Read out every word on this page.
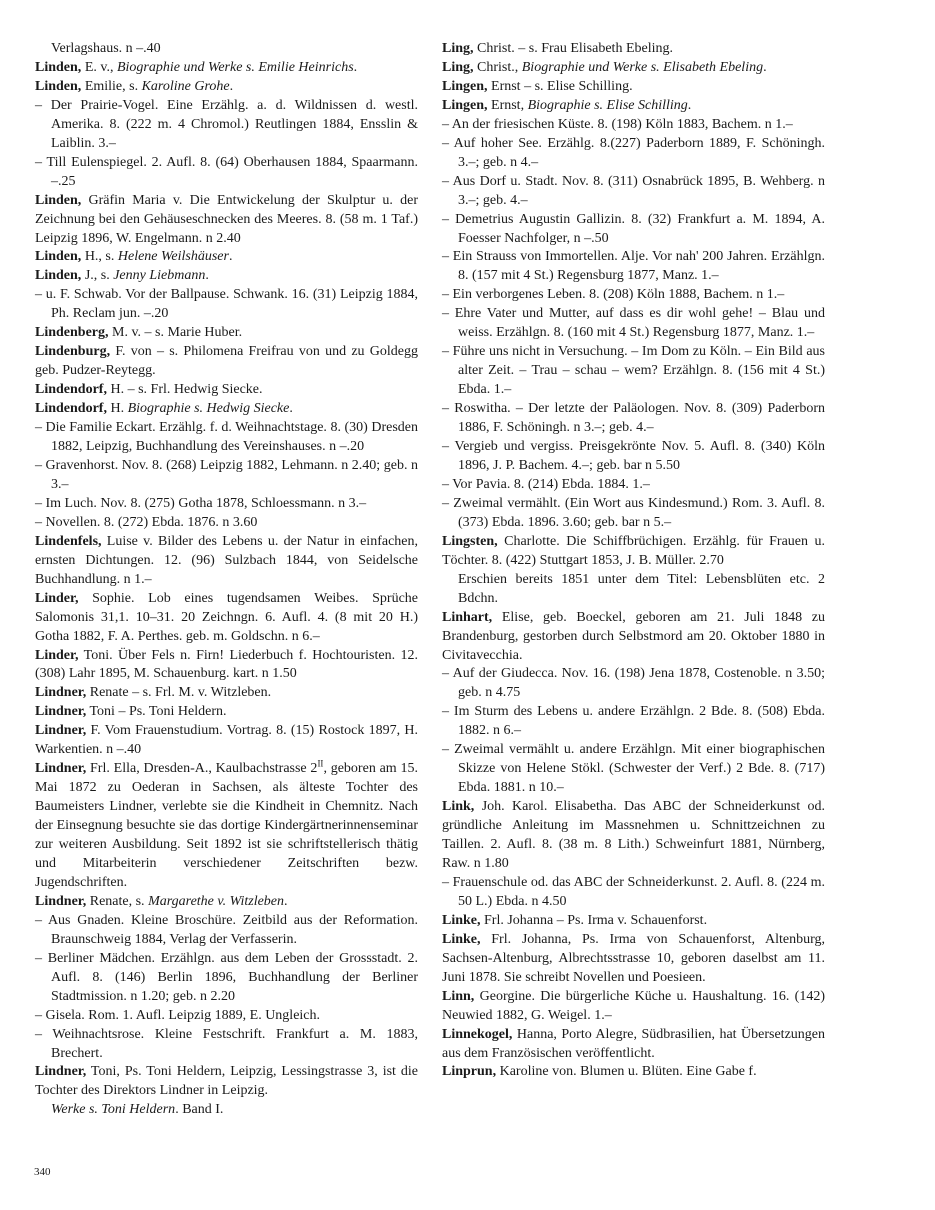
Verlagshaus. n –.40
Linden, E. v., Biographie und Werke s. Emilie Heinrichs.
Linden, Emilie, s. Karoline Grohe.
– Der Prairie-Vogel. Eine Erzählg. a. d. Wildnissen d. westl. Amerika. 8. (222 m. 4 Chromol.) Reutlingen 1884, Ensslin & Laiblin. 3.–
– Till Eulenspiegel. 2. Aufl. 8. (64) Oberhausen 1884, Spaarmann. –.25
Linden, Gräfin Maria v. Die Entwickelung der Skulptur u. der Zeichnung bei den Gehäuseschnecken des Meeres. 8. (58 m. 1 Taf.) Leipzig 1896, W. Engelmann. n 2.40
Linden, H., s. Helene Weilshäuser.
Linden, J., s. Jenny Liebmann.
– u. F. Schwab. Vor der Ballpause. Schwank. 16. (31) Leipzig 1884, Ph. Reclam jun. –.20
Lindenberg, M. v. – s. Marie Huber.
Lindenburg, F. von – s. Philomena Freifrau von und zu Goldegg geb. Pudzer-Reytegg.
Lindendorf, H. – s. Frl. Hedwig Siecke.
Lindendorf, H. Biographie s. Hedwig Siecke.
– Die Familie Eckart. Erzählg. f. d. Weihnachtstage. 8. (30) Dresden 1882, Leipzig, Buchhandlung des Vereinshauses. n –.20
– Gravenhorst. Nov. 8. (268) Leipzig 1882, Lehmann. n 2.40; geb. n 3.–
– Im Luch. Nov. 8. (275) Gotha 1878, Schloessmann. n 3.–
– Novellen. 8. (272) Ebda. 1876. n 3.60
Lindenfels, Luise v. Bilder des Lebens u. der Natur in einfachen, ernsten Dichtungen. 12. (96) Sulzbach 1844, von Seidelsche Buchhandlung. n 1.–
Linder, Sophie. Lob eines tugendsamen Weibes. Sprüche Salomonis 31,1. 10–31. 20 Zeichngn. 6. Aufl. 4. (8 mit 20 H.) Gotha 1882, F. A. Perthes. geb. m. Goldschn. n 6.–
Linder, Toni. Über Fels n. Firn! Liederbuch f. Hochtouristen. 12. (308) Lahr 1895, M. Schauenburg. kart. n 1.50
Lindner, Renate – s. Frl. M. v. Witzleben.
Lindner, Toni – Ps. Toni Heldern.
Lindner, F. Vom Frauenstudium. Vortrag. 8. (15) Rostock 1897, H. Warkentien. n –.40
Lindner, Frl. Ella, Dresden-A., Kaulbachstrasse $2^{II}$, geboren am 15. Mai 1872 zu Oederan in Sachsen, als älteste Tochter des Baumeisters Lindner, verlebte sie die Kindheit in Chemnitz. Nach der Einsegnung besuchte sie das dortige Kindergärtnerinnenseminar zur weiteren Ausbildung. Seit 1892 ist sie schriftstellerisch thätig und Mitarbeiterin verschiedener Zeitschriften bezw. Jugendschriften.
Lindner, Renate, s. Margarethe v. Witzleben.
– Aus Gnaden. Kleine Broschüre. Zeitbild aus der Reformation. Braunschweig 1884, Verlag der Verfasserin.
– Berliner Mädchen. Erzählgn. aus dem Leben der Grossstadt. 2. Aufl. 8. (146) Berlin 1896, Buchhandlung der Berliner Stadtmission. n 1.20; geb. n 2.20
– Gisela. Rom. 1. Aufl. Leipzig 1889, E. Ungleich.
– Weihnachtsrose. Kleine Festschrift. Frankfurt a. M. 1883, Brechert.
Lindner, Toni, Ps. Toni Heldern, Leipzig, Lessingstrasse 3, ist die Tochter des Direktors Lindner in Leipzig.
Werke s. Toni Heldern. Band I.
Ling, Christ. – s. Frau Elisabeth Ebeling.
Ling, Christ., Biographie und Werke s. Elisabeth Ebeling.
Lingen, Ernst – s. Elise Schilling.
Lingen, Ernst, Biographie s. Elise Schilling.
– An der friesischen Küste. 8. (198) Köln 1883, Bachem. n 1.–
– Auf hoher See. Erzählg. 8.(227) Paderborn 1889, F. Schöningh. 3.–; geb. n 4.–
– Aus Dorf u. Stadt. Nov. 8. (311) Osnabrück 1895, B. Wehberg. n 3.–; geb. 4.–
– Demetrius Augustin Gallizin. 8. (32) Frankfurt a. M. 1894, A. Foesser Nachfolger, n –.50
– Ein Strauss von Immortellen. Alje. Vor nah' 200 Jahren. Erzählgn. 8. (157 mit 4 St.) Regensburg 1877, Manz. 1.–
– Ein verborgenes Leben. 8. (208) Köln 1888, Bachem. n 1.–
– Ehre Vater und Mutter, auf dass es dir wohl gehe! – Blau und weiss. Erzählgn. 8. (160 mit 4 St.) Regensburg 1877, Manz. 1.–
– Führe uns nicht in Versuchung. – Im Dom zu Köln. – Ein Bild aus alter Zeit. – Trau – schau – wem? Erzählgn. 8. (156 mit 4 St.) Ebda. 1.–
– Roswitha. – Der letzte der Paläologen. Nov. 8. (309) Paderborn 1886, F. Schöningh. n 3.–; geb. 4.–
– Vergieb und vergiss. Preisgekrönte Nov. 5. Aufl. 8. (340) Köln 1896, J. P. Bachem. 4.–; geb. bar n 5.50
– Vor Pavia. 8. (214) Ebda. 1884. 1.–
– Zweimal vermählt. (Ein Wort aus Kindesmund.) Rom. 3. Aufl. 8. (373) Ebda. 1896. 3.60; geb. bar n 5.–
Lingsten, Charlotte. Die Schiffbrüchigen. Erzählg. für Frauen u. Töchter. 8. (422) Stuttgart 1853, J. B. Müller. 2.70
Erschien bereits 1851 unter dem Titel: Lebensblüten etc. 2 Bdchn.
Linhart, Elise, geb. Boeckel, geboren am 21. Juli 1848 zu Brandenburg, gestorben durch Selbstmord am 20. Oktober 1880 in Civitavecchia.
– Auf der Giudecca. Nov. 16. (198) Jena 1878, Costenoble. n 3.50; geb. n 4.75
– Im Sturm des Lebens u. andere Erzählgn. 2 Bde. 8. (508) Ebda. 1882. n 6.–
– Zweimal vermählt u. andere Erzählgn. Mit einer biographischen Skizze von Helene Stökl. (Schwester der Verf.) 2 Bde. 8. (717) Ebda. 1881. n 10.–
Link, Joh. Karol. Elisabetha. Das ABC der Schneiderkunst od. gründliche Anleitung im Massnehmen u. Schnittzeichnen zu Taillen. 2. Aufl. 8. (38 m. 8 Lith.) Schweinfurt 1881, Nürnberg, Raw. n 1.80
– Frauenschule od. das ABC der Schneiderkunst. 2. Aufl. 8. (224 m. 50 L.) Ebda. n 4.50
Linke, Frl. Johanna – Ps. Irma v. Schauenforst.
Linke, Frl. Johanna, Ps. Irma von Schauenforst, Altenburg, Sachsen-Altenburg, Albrechtsstrasse 10, geboren daselbst am 11. Juni 1878. Sie schreibt Novellen und Poesieen.
Linn, Georgine. Die bürgerliche Küche u. Haushaltung. 16. (142) Neuwied 1882, G. Weigel. 1.–
Linnekogel, Hanna, Porto Alegre, Südbrasilien, hat Übersetzungen aus dem Französischen veröffentlicht.
Linprun, Karoline von. Blumen u. Blüten. Eine Gabe f.
340
